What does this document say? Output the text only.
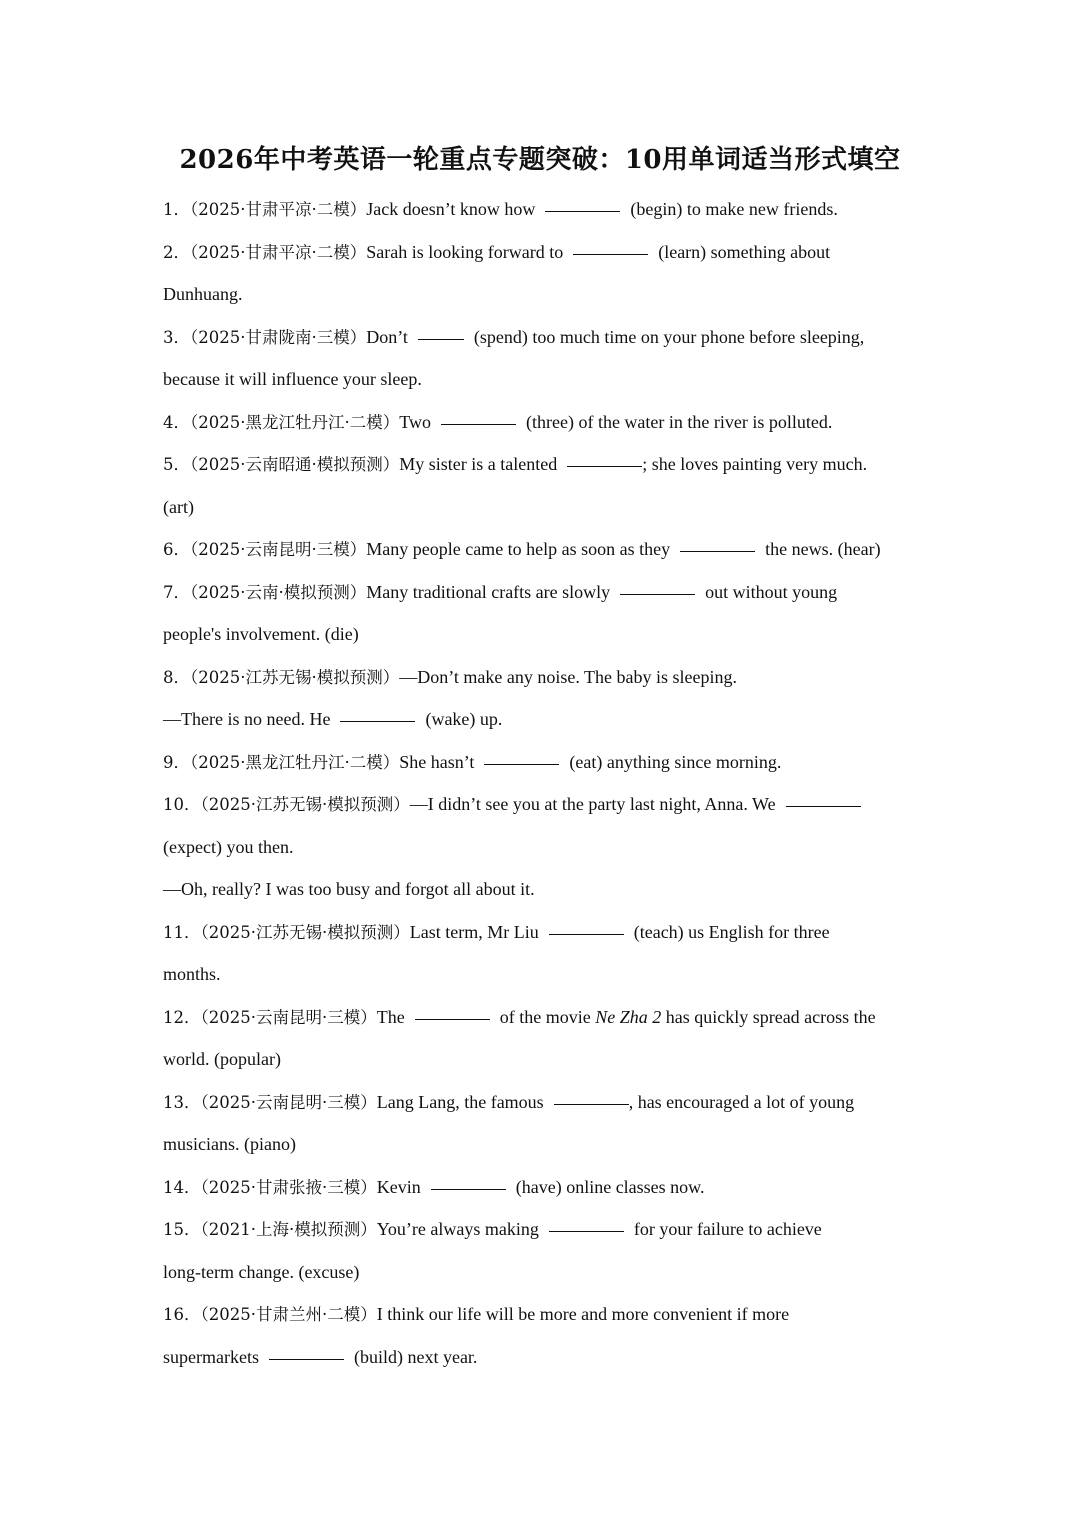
2026年中考英语一轮重点专题突破：10用单词适当形式填空
1．（2025·甘肃平凉·二模）Jack doesn’t know how	(begin) to make new friends.
2．（2025·甘肃平凉·二模）Sarah is looking forward to	(learn) something about
Dunhuang.
3．（2025·甘肃陇南·三模）Don’t	(spend) too much time on your phone before sleeping,
because it will influence your sleep.
4．（2025·黑龙江牡丹江·二模）Two	(three) of the water in the river is polluted.
5．（2025·云南昭通·模拟预测）My sister is a talented	; she loves painting very much.
(art)
6．（2025·云南昆明·三模）Many people came to help as soon as they	the news. (hear)
7．（2025·云南·模拟预测）Many traditional crafts are slowly	out without young
people's involvement. (die)
8．（2025·江苏无锡·模拟预测）—Don’t make any noise. The baby is sleeping.
—There is no need. He	(wake) up.
9．（2025·黑龙江牡丹江·二模）She hasn’t	(eat) anything since morning.
10．（2025·江苏无锡·模拟预测）—I didn’t see you at the party last night, Anna. We
(expect) you then.
—Oh, really? I was too busy and forgot all about it.
11．（2025·江苏无锡·模拟预测）Last term, Mr Liu	(teach) us English for three
months.
12．（2025·云南昆明·三模）The	of the movie Ne Zha 2 has quickly spread across the
world. (popular)
13．（2025·云南昆明·三模）Lang Lang, the famous	, has encouraged a lot of young
musicians. (piano)
14．（2025·甘肃张掖·三模）Kevin	(have) online classes now.
15．（2021·上海·模拟预测）You’re always making	for your failure to achieve
long-term change. (excuse)
16．（2025·甘肃兰州·二模）I think our life will be more and more convenient if more
supermarkets	(build) next year.
